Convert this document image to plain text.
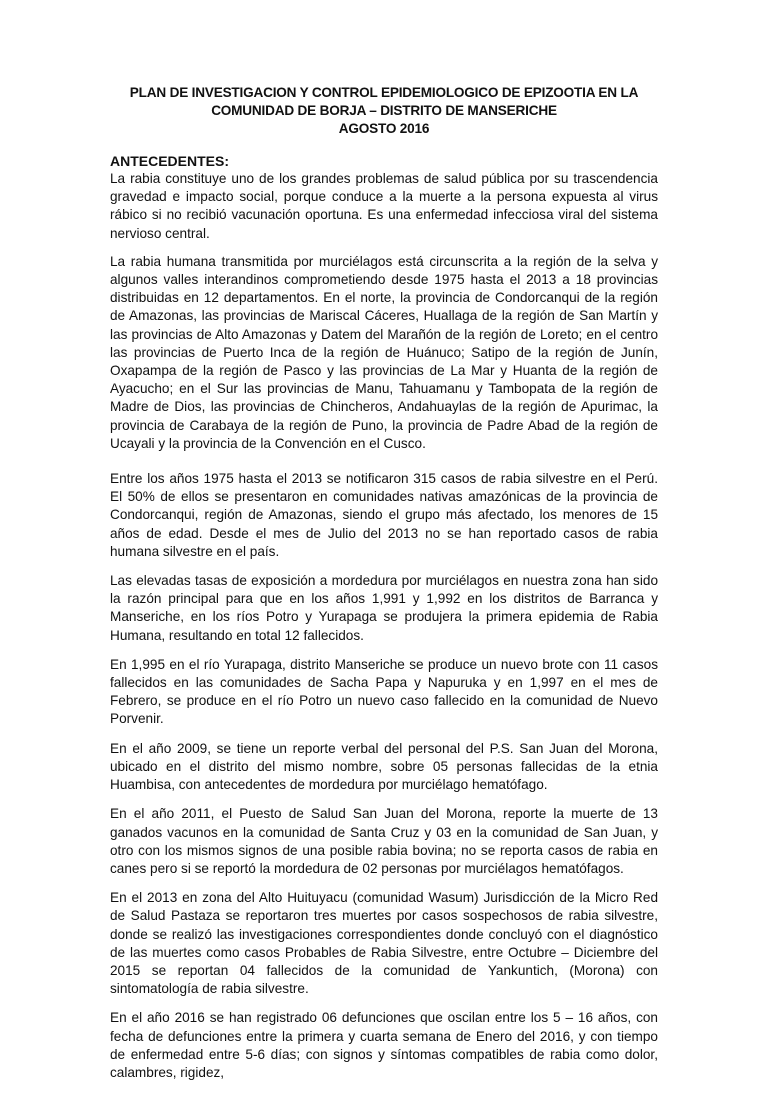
PLAN DE INVESTIGACION Y CONTROL EPIDEMIOLOGICO DE EPIZOOTIA EN LA
COMUNIDAD DE BORJA – DISTRITO DE MANSERICHE
AGOSTO 2016
ANTECEDENTES:

La rabia constituye uno de los grandes problemas de salud pública por su trascendencia gravedad e impacto social, porque conduce a la muerte a la persona expuesta al virus rábico si no recibió vacunación oportuna. Es una enfermedad infecciosa viral del sistema nervioso central.

La rabia humana transmitida por murciélagos está circunscrita a la región de la selva y algunos valles interandinos comprometiendo desde 1975 hasta el 2013 a 18 provincias distribuidas en 12 departamentos. En el norte, la provincia de Condorcanqui de la región de Amazonas, las provincias de Mariscal Cáceres, Huallaga de la región de San Martín y las provincias de Alto Amazonas y Datem del Marañón de la región de Loreto; en el centro las provincias de Puerto Inca de la región de Huánuco; Satipo de la región de Junín, Oxapampa de la región de Pasco y las provincias de La Mar y Huanta de la región de Ayacucho; en el Sur las provincias de Manu, Tahuamanu y Tambopata de la región de Madre de Dios, las provincias de Chincheros, Andahuaylas de la región de Apurimac, la provincia de Carabaya de la región de Puno, la provincia de Padre Abad de la región de Ucayali y la provincia de la Convención en el Cusco.

Entre los años 1975 hasta el 2013 se notificaron 315 casos de rabia silvestre en el Perú. El 50% de ellos se presentaron en comunidades nativas amazónicas de la provincia de Condorcanqui, región de Amazonas, siendo el grupo más afectado, los menores de 15 años de edad. Desde el mes de Julio del 2013 no se han reportado casos de rabia humana silvestre en el país.

Las elevadas tasas de exposición a mordedura por murciélagos en nuestra zona han sido la razón principal para que en los años 1,991 y 1,992 en los distritos de Barranca y Manseriche, en los ríos Potro y Yurapaga se produjera la primera epidemia de Rabia Humana, resultando en total 12 fallecidos.

En 1,995 en el río Yurapaga, distrito Manseriche se produce un nuevo brote con 11 casos fallecidos en las comunidades de Sacha Papa y Napuruka y en 1,997 en el mes de Febrero, se produce en el río Potro un nuevo caso fallecido en la comunidad de Nuevo Porvenir.

En el año 2009, se tiene un reporte verbal del personal del P.S. San Juan del Morona, ubicado en el distrito del mismo nombre, sobre 05 personas fallecidas de la etnia Huambisa, con antecedentes de mordedura por murciélago hematófago.

En el año 2011, el Puesto de Salud San Juan del Morona, reporte la muerte de 13 ganados vacunos en la comunidad de Santa Cruz y 03 en la comunidad de San Juan, y otro con los mismos signos de una posible rabia bovina; no se reporta casos de rabia en canes pero si se reportó la mordedura de 02 personas por murciélagos hematófagos.

En el 2013 en zona del Alto Huituyacu (comunidad Wasum) Jurisdicción de la Micro Red de Salud Pastaza se reportaron tres muertes por casos sospechosos de rabia silvestre, donde se realizó las investigaciones correspondientes donde concluyó con el diagnóstico de las muertes como casos Probables de Rabia Silvestre, entre Octubre – Diciembre del 2015 se reportan 04 fallecidos de la comunidad de Yankuntich, (Morona) con sintomatología de rabia silvestre.

En el año 2016 se han registrado 06 defunciones que oscilan entre los 5 – 16 años, con fecha de defunciones entre la primera y cuarta semana de Enero del 2016, y con tiempo de enfermedad entre 5-6 días; con signos y síntomas compatibles de rabia como dolor, calambres, rigidez,
